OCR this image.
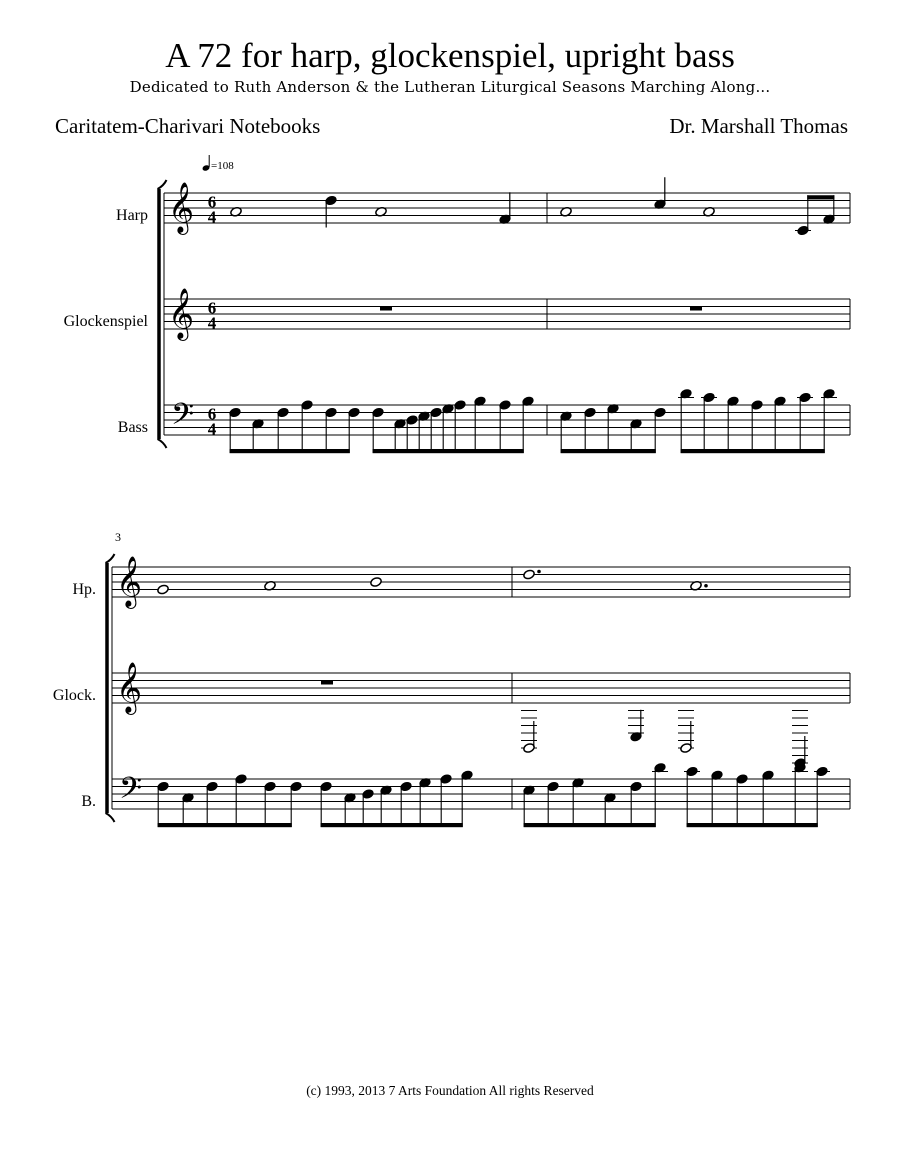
A 72 for harp, glockenspiel, upright bass
Dedicated to Ruth Anderson & the Lutheran Liturgical Seasons Marching Along...
Caritatem-Charivari Notebooks	Dr. Marshall Thomas
=108
Harp
Glockenspiel
Bass
𝄞
𝄞
𝄢
6
4
6
4
6
4
3
Hp.
Glock.
B.
𝄞
𝄞
𝄢
(c) 1993, 2013 7 Arts Foundation All rights Reserved
